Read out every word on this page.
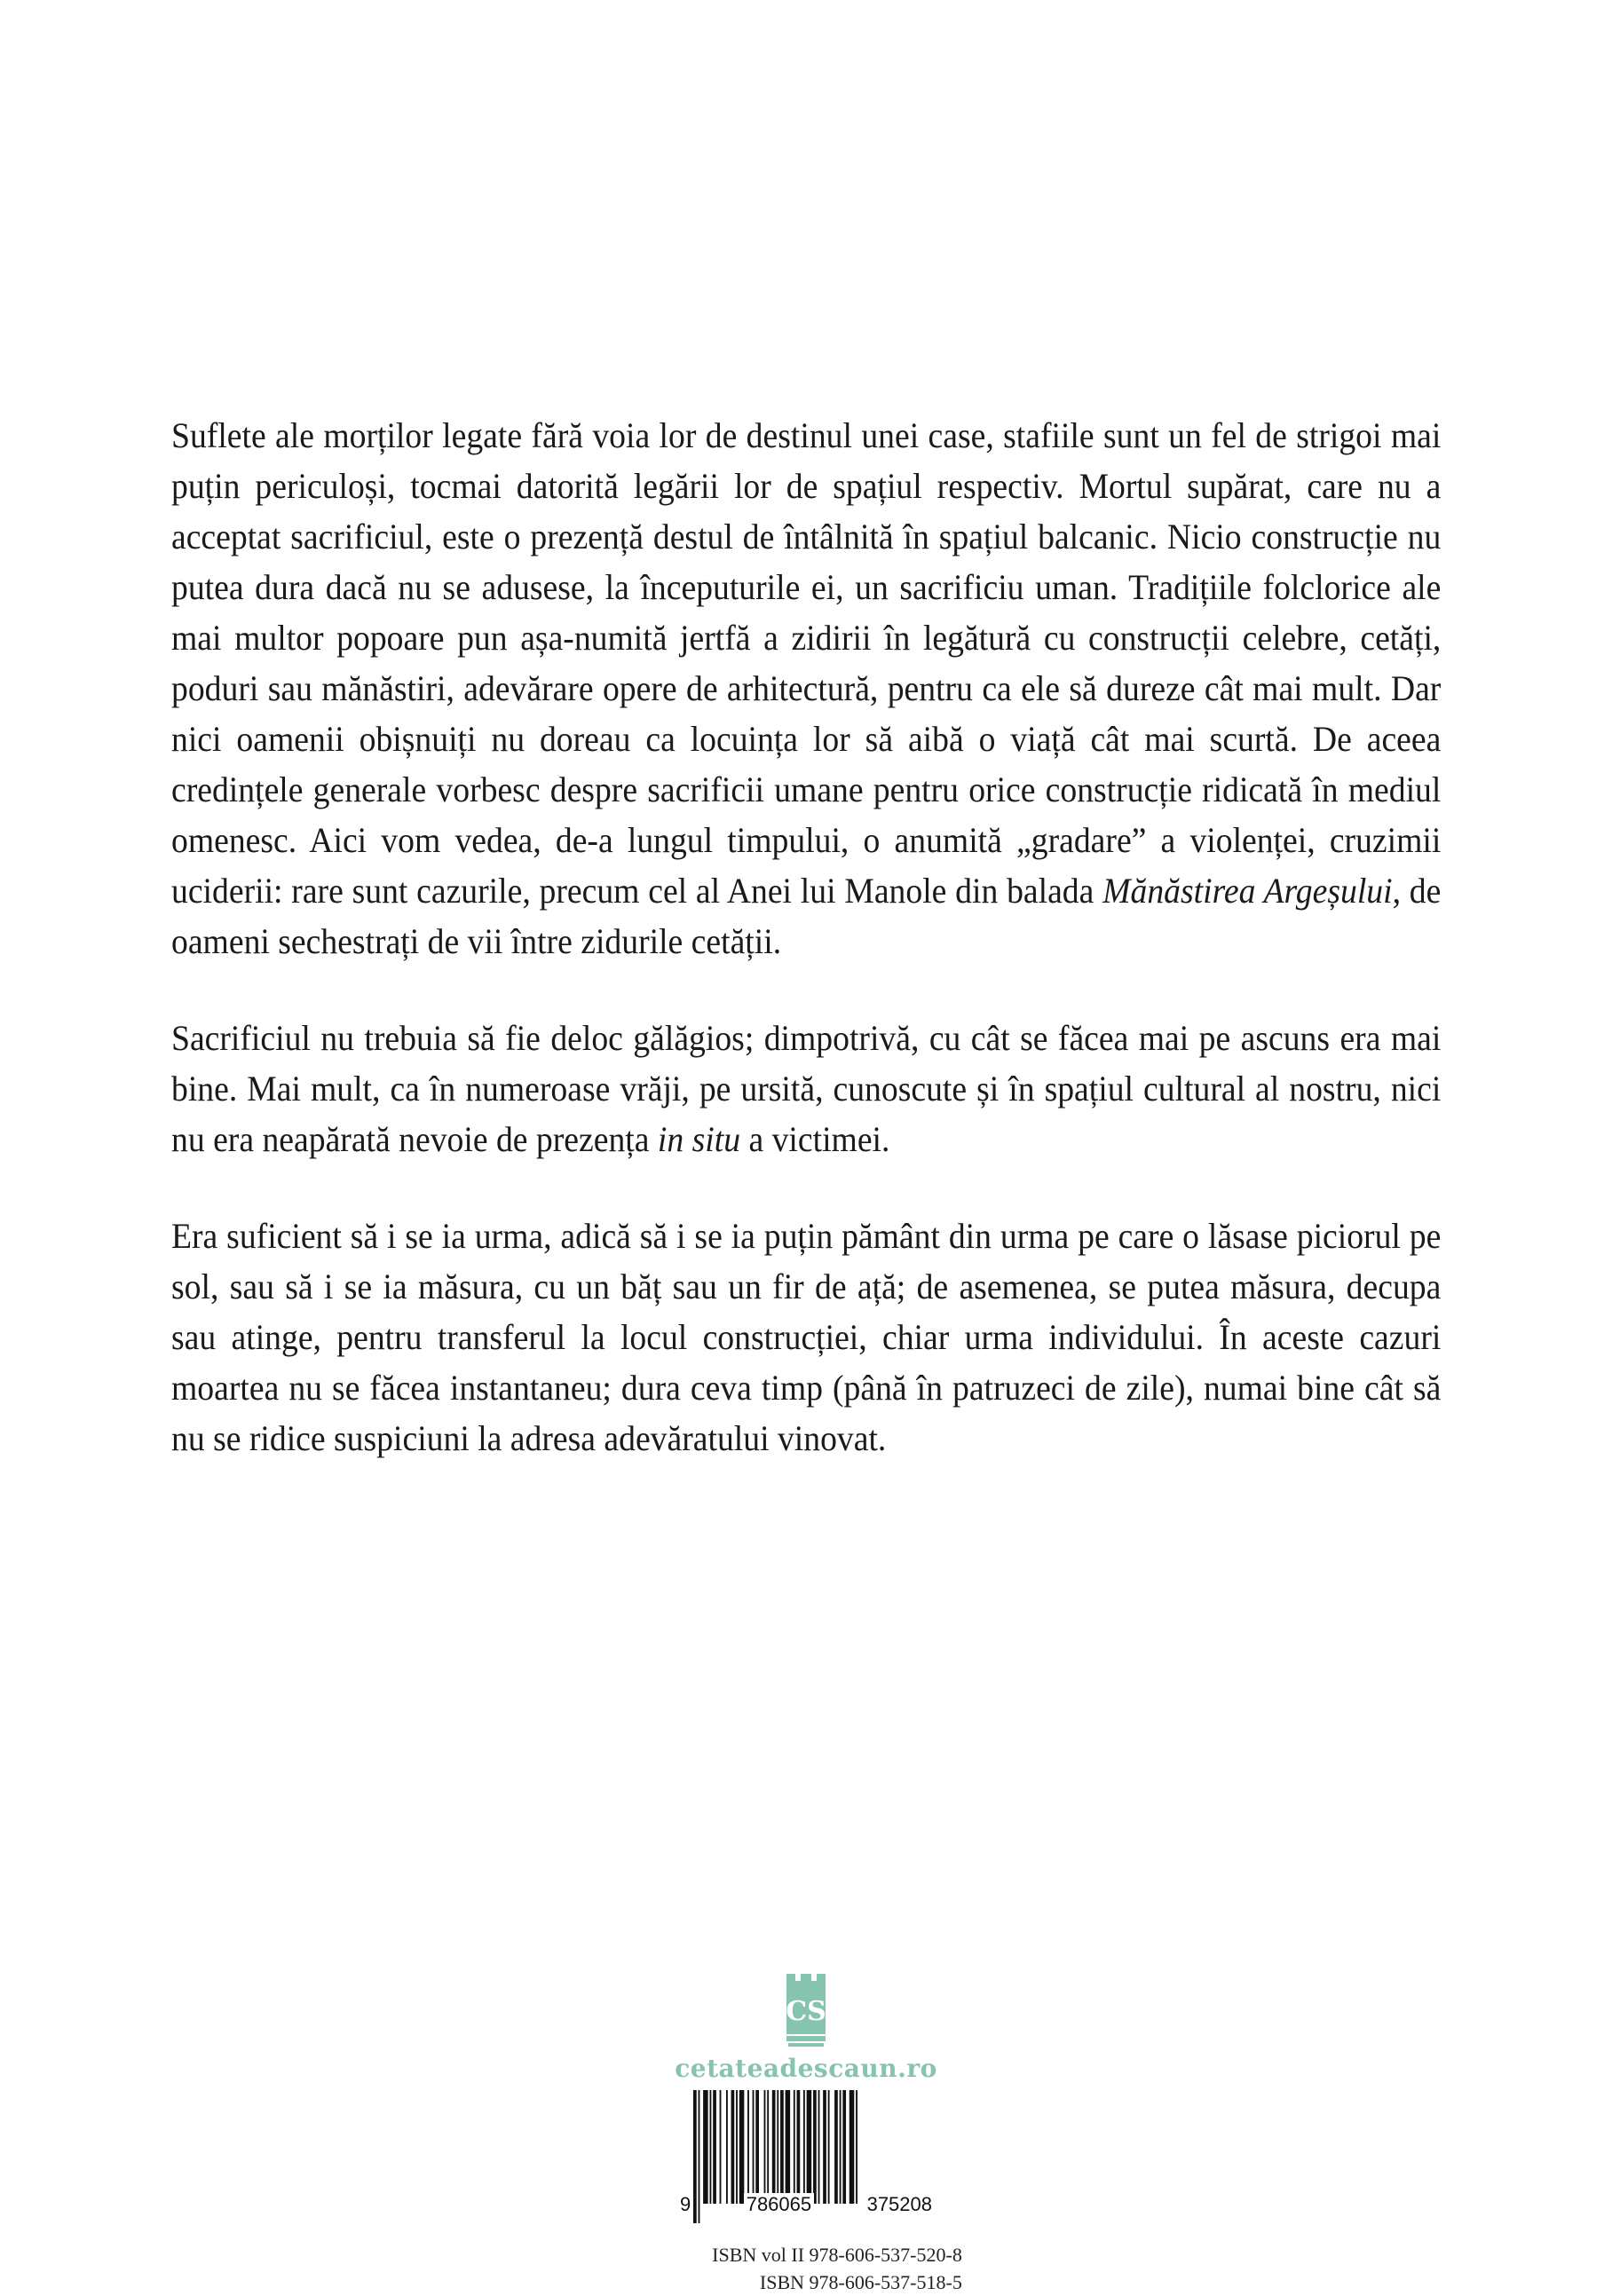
Suflete ale morților legate fără voia lor de destinul unei case, stafiile sunt un fel de strigoi mai puțin periculoși, tocmai datorită legării lor de spațiul respectiv. Mortul supărat, care nu a acceptat sacrificiul, este o prezență destul de întâlnită în spațiul balcanic. Nicio construcție nu putea dura dacă nu se adusese, la începuturile ei, un sacrificiu uman. Tradițiile folclorice ale mai multor popoare pun așa-numită jertfă a zidirii în legătură cu construcții celebre, cetăți, poduri sau mănăstiri, adevărare opere de arhitectură, pentru ca ele să dureze cât mai mult. Dar nici oamenii obișnuiți nu doreau ca locuința lor să aibă o viață cât mai scurtă. De aceea credințele generale vorbesc despre sacrificii umane pentru orice construcție ridicată în mediul omenesc. Aici vom vedea, de-a lungul timpului, o anumită „gradare” a violenței, cruzimii uciderii: rare sunt cazurile, precum cel al Anei lui Manole din balada Mănăstirea Argeșului, de oameni sechestrați de vii între zidurile cetății.

Sacrificiul nu trebuia să fie deloc gălăgios; dimpotrivă, cu cât se făcea mai pe ascuns era mai bine. Mai mult, ca în numeroase vrăji, pe ursită, cunoscute și în spațiul cultural al nostru, nici nu era neapărată nevoie de prezența in situ a victimei.

Era suficient să i se ia urma, adică să i se ia puțin pământ din urma pe care o lăsase piciorul pe sol, sau să i se ia măsura, cu un băț sau un fir de ață; de asemenea, se putea măsura, decupa sau atinge, pentru transferul la locul construcției, chiar urma individului. În aceste cazuri moartea nu se făcea instantaneu; dura ceva timp (până în patruzeci de zile), numai bine cât să nu se ridice suspiciuni la adresa adevăratului vinovat.

CS
cetateadescaun.ro
9	786065	375208
ISBN vol II 978-606-537-520-8
ISBN 978-606-537-518-5
